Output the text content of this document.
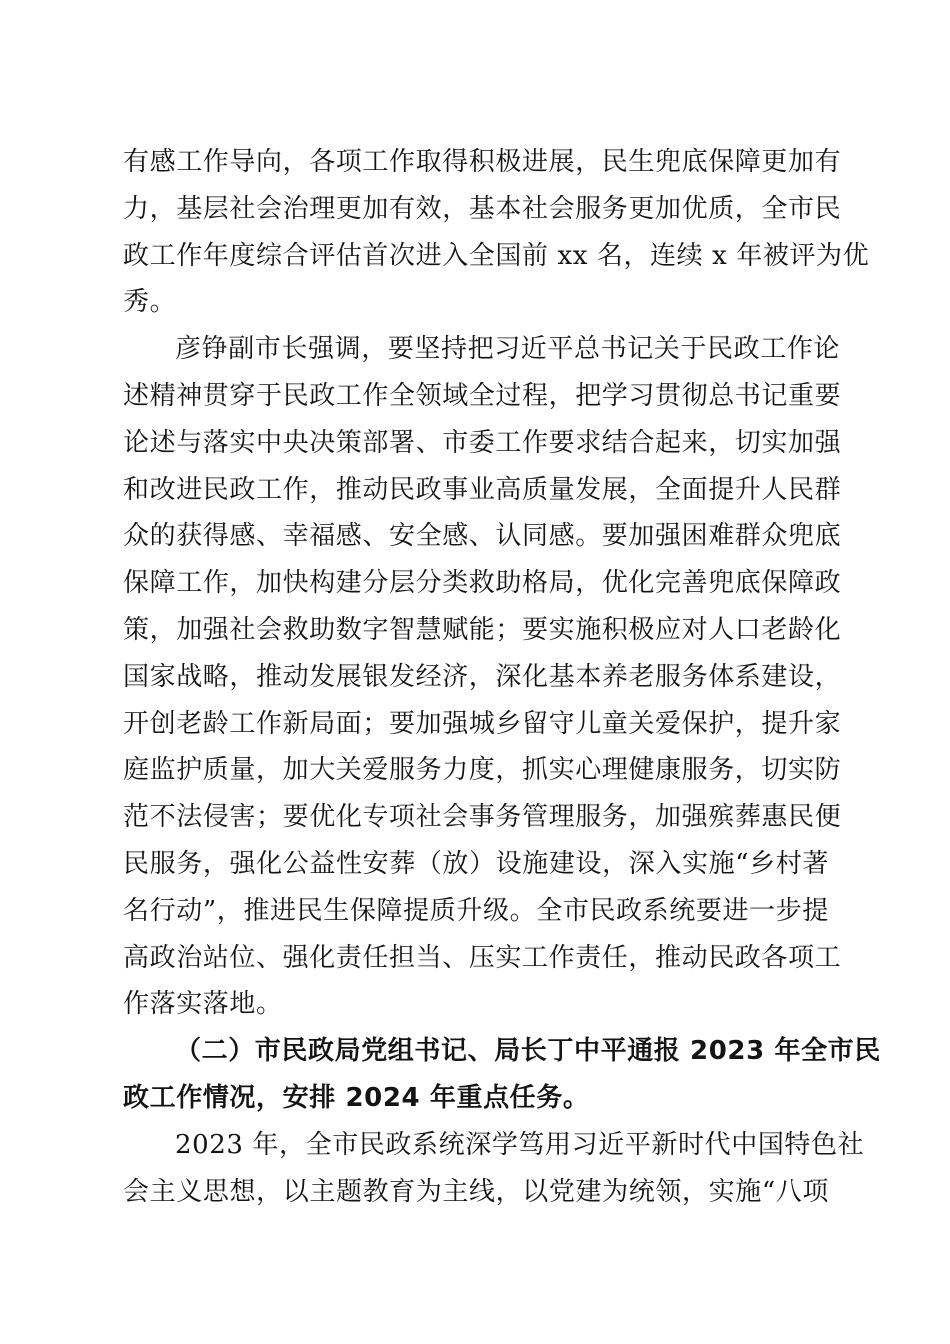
有感工作导向，各项工作取得积极进展，民生兜底保障更加有
力，基层社会治理更加有效，基本社会服务更加优质，全市民
政工作年度综合评估首次进入全国前 xx 名，连续 x 年被评为优
秀。
彦铮副市长强调，要坚持把习近平总书记关于民政工作论
述精神贯穿于民政工作全领域全过程，把学习贯彻总书记重要
论述与落实中央决策部署、市委工作要求结合起来，切实加强
和改进民政工作，推动民政事业高质量发展，全面提升人民群
众的获得感、幸福感、安全感、认同感。要加强困难群众兜底
保障工作，加快构建分层分类救助格局，优化完善兜底保障政
策，加强社会救助数字智慧赋能；要实施积极应对人口老龄化
国家战略，推动发展银发经济，深化基本养老服务体系建设，
开创老龄工作新局面；要加强城乡留守儿童关爱保护，提升家
庭监护质量，加大关爱服务力度，抓实心理健康服务，切实防
范不法侵害；要优化专项社会事务管理服务，加强殡葬惠民便
民服务，强化公益性安葬（放）设施建设，深入实施“乡村著
名行动”，推进民生保障提质升级。全市民政系统要进一步提
高政治站位、强化责任担当、压实工作责任，推动民政各项工
作落实落地。
（二）市民政局党组书记、局长丁中平通报 2023 年全市民
政工作情况，安排 2024 年重点任务。
2023 年，全市民政系统深学笃用习近平新时代中国特色社
会主义思想，以主题教育为主线，以党建为统领，实施“八项
